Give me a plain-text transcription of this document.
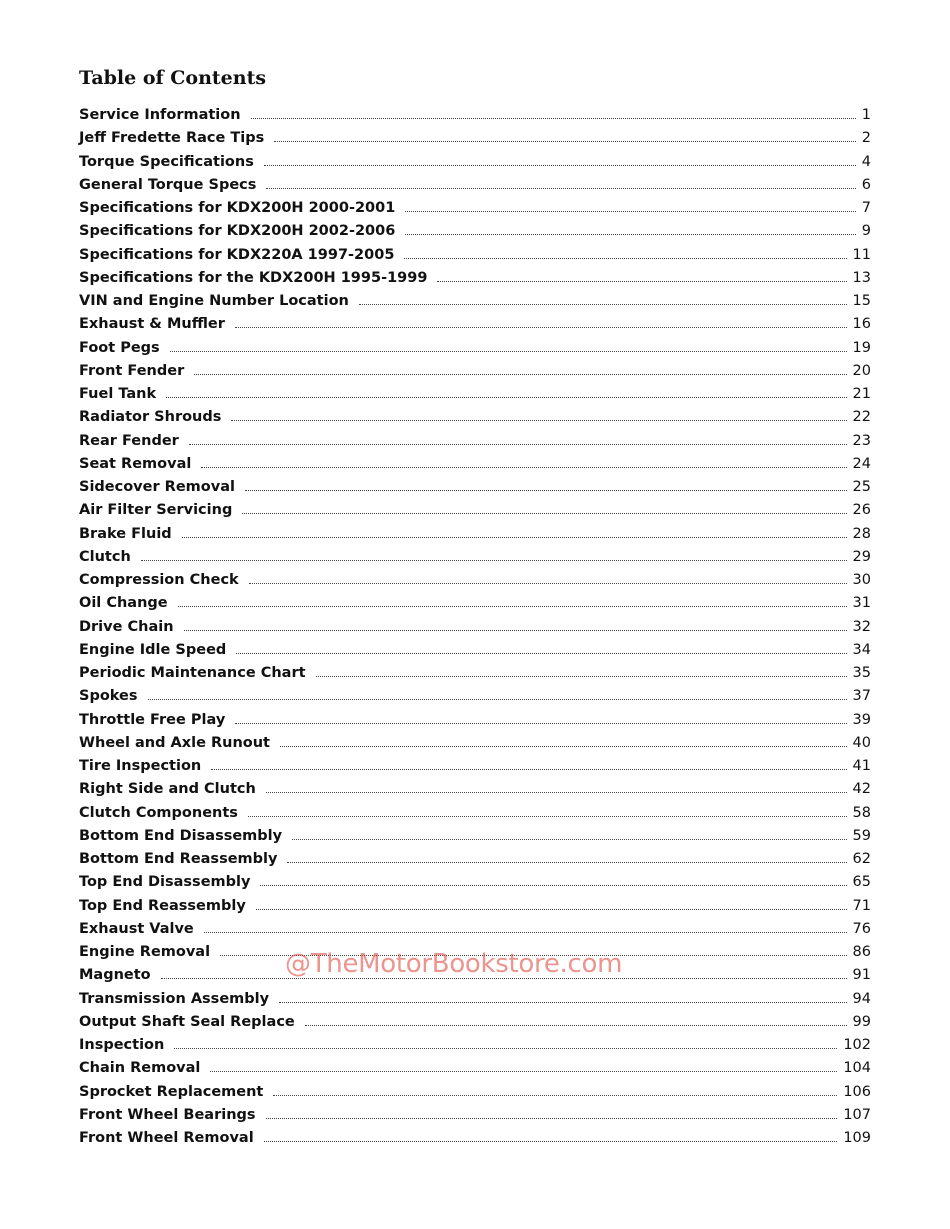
Table of Contents
Service Information	1
Jeff Fredette Race Tips	2
Torque Specifications	4
General Torque Specs	6
Specifications for KDX200H 2000-2001	7
Specifications for KDX200H 2002-2006	9
Specifications for KDX220A 1997-2005	11
Specifications for the KDX200H 1995-1999	13
VIN and Engine Number Location	15
Exhaust & Muffler	16
Foot Pegs	19
Front Fender	20
Fuel Tank	21
Radiator Shrouds	22
Rear Fender	23
Seat Removal	24
Sidecover Removal	25
Air Filter Servicing	26
Brake Fluid	28
Clutch	29
Compression Check	30
Oil Change	31
Drive Chain	32
Engine Idle Speed	34
Periodic Maintenance Chart	35
Spokes	37
Throttle Free Play	39
Wheel and Axle Runout	40
Tire Inspection	41
Right Side and Clutch	42
Clutch Components	58
Bottom End Disassembly	59
Bottom End Reassembly	62
Top End Disassembly	65
Top End Reassembly	71
Exhaust Valve	76
Engine Removal	86
Magneto	91
Transmission Assembly	94
Output Shaft Seal Replace	99
Inspection	102
Chain Removal	104
Sprocket Replacement	106
Front Wheel Bearings	107
Front Wheel Removal	109
@TheMotorBookstore.com
